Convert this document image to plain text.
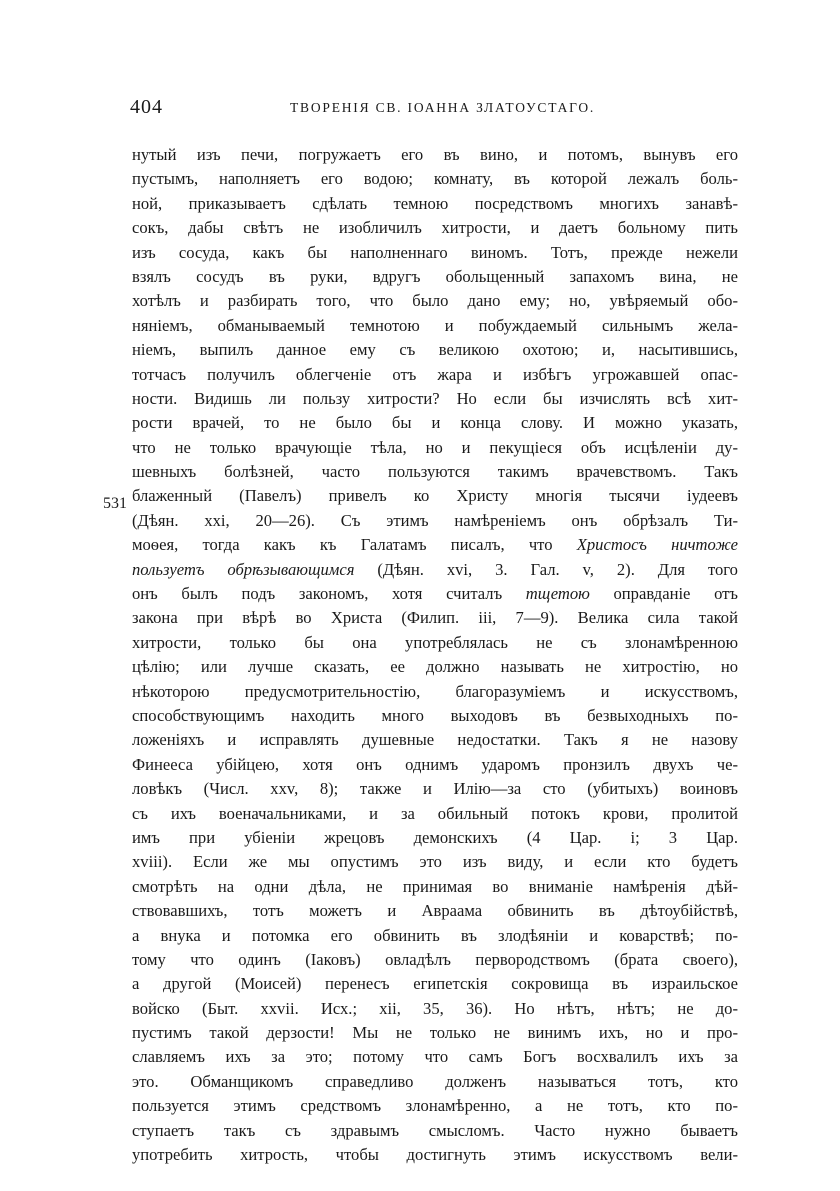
404	ТВОРЕНІЯ СВ. ІОАННА ЗЛАТОУСТАГО.
531
нутый изъ печи, погружаетъ его въ вино, и потомъ, вынувъ его
пустымъ, наполняетъ его водою; комнату, въ которой лежалъ боль-
ной, приказываетъ сдѣлать темною посредствомъ многихъ занавѣ-
сокъ, дабы свѣтъ не изобличилъ хитрости, и даетъ больному пить
изъ сосуда, какъ бы наполненнаго виномъ. Тотъ, прежде нежели
взялъ сосудъ въ руки, вдругъ обольщенный запахомъ вина, не
хотѣлъ и разбирать того, что было дано ему; но, увѣряемый обо-
няніемъ, обманываемый темнотою и побуждаемый сильнымъ жела-
ніемъ, выпилъ данное ему съ великою охотою; и, насытившись,
тотчасъ получилъ облегченіе отъ жара и избѣгъ угрожавшей опас-
ности. Видишь ли пользу хитрости? Но если бы изчислять всѣ хит-
рости врачей, то не было бы и конца слову. И можно указать,
что не только врачующіе тѣла, но и пекущіеся объ исцѣленіи ду-
шевныхъ болѣзней, часто пользуются такимъ врачевствомъ. Такъ
блаженный (Павелъ) привелъ ко Христу многія тысячи іудеевъ
(Дѣян. xxi, 20—26). Съ этимъ намѣреніемъ онъ обрѣзалъ Ти-
моѳея, тогда какъ къ Галатамъ писалъ, что Христосъ ничтоже
пользуетъ обрѣзывающимся (Дѣян. xvi, 3. Гал. v, 2). Для того
онъ былъ подъ закономъ, хотя считалъ тщетою оправданіе отъ
закона при вѣрѣ во Христа (Филип. iii, 7—9). Велика сила такой
хитрости, только бы она употреблялась не съ злонамѣренною
цѣлію; или лучше сказать, ее должно называть не хитростію, но
нѣкоторою предусмотрительностію, благоразуміемъ и искусствомъ,
способствующимъ находить много выходовъ въ безвыходныхъ по-
ложеніяхъ и исправлять душевные недостатки. Такъ я не назову
Финееса убійцею, хотя онъ однимъ ударомъ пронзилъ двухъ че-
ловѣкъ (Числ. xxv, 8); также и Илію—за сто (убитыхъ) воиновъ
съ ихъ военачальниками, и за обильный потокъ крови, пролитой
имъ при убіеніи жрецовъ демонскихъ (4 Цар. i; 3 Цар.
xviii). Если же мы опустимъ это изъ виду, и если кто будетъ
смотрѣть на одни дѣла, не принимая во вниманіе намѣренія дѣй-
ствовавшихъ, тотъ можетъ и Авраама обвинить въ дѣтоубійствѣ,
а внука и потомка его обвинить въ злодѣяніи и коварствѣ; по-
тому что одинъ (Іаковъ) овладѣлъ первородствомъ (брата своего),
а другой (Моисей) перенесъ египетскія сокровища въ израильское
войско (Быт. xxvii. Исх.; xii, 35, 36). Но нѣтъ, нѣтъ; не до-
пустимъ такой дерзости! Мы не только не винимъ ихъ, но и про-
славляемъ ихъ за это; потому что самъ Богъ восхвалилъ ихъ за
это. Обманщикомъ справедливо долженъ называться тотъ, кто
пользуется этимъ средствомъ злонамѣренно, а не тотъ, кто по-
ступаетъ такъ съ здравымъ смысломъ. Часто нужно бываетъ
употребить хитрость, чтобы достигнуть этимъ искусствомъ вели-
